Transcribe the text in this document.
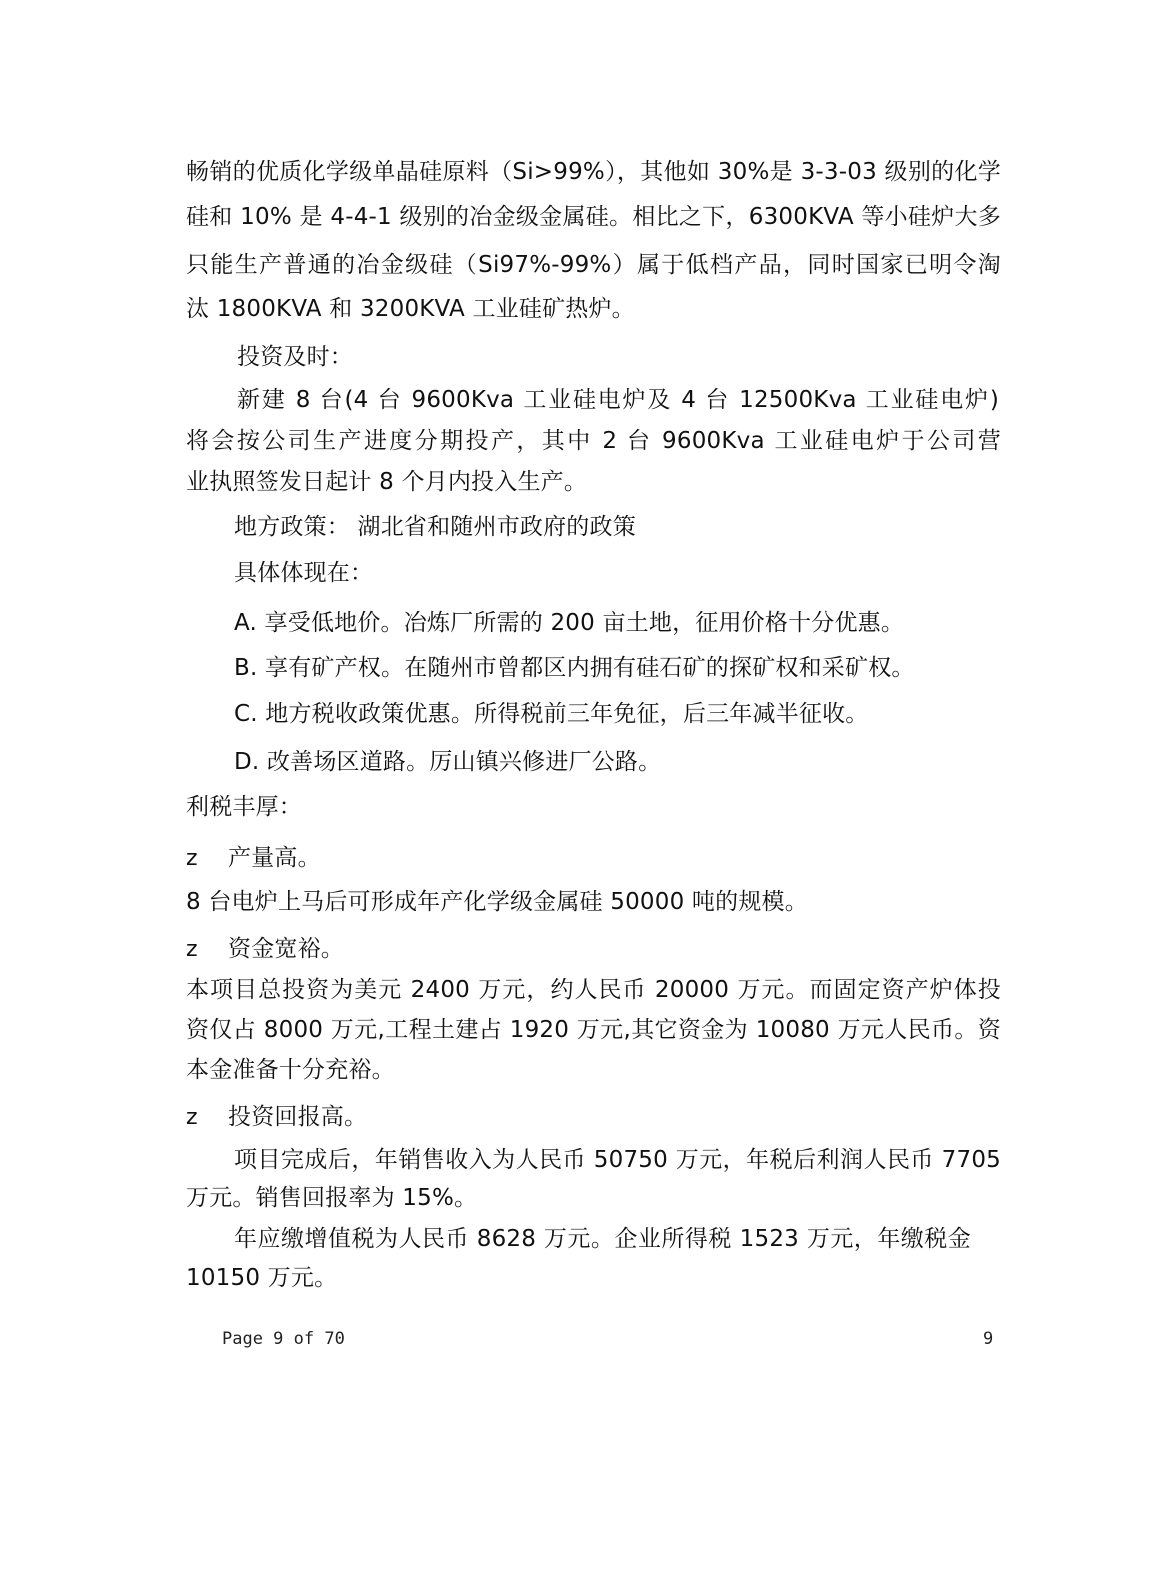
畅销的优质化学级单晶硅原料（Si>99%），其他如 30%是 3-3-03 级别的化学
硅和 10% 是 4-4-1 级别的冶金级金属硅。相比之下，6300KVA 等小硅炉大多
只能生产普通的冶金级硅（Si97%-99%）属于低档产品，同时国家已明令淘
汰 1800KVA 和 3200KVA 工业硅矿热炉。
投资及时：
新建 8 台(4 台 9600Kva 工业硅电炉及 4 台 12500Kva 工业硅电炉)
将会按公司生产进度分期投产，其中 2 台 9600Kva 工业硅电炉于公司营
业执照签发日起计 8 个月内投入生产。
地方政策： 湖北省和随州市政府的政策
具体体现在：
A. 享受低地价。冶炼厂所需的 200 亩土地，征用价格十分优惠。
B. 享有矿产权。在随州市曾都区内拥有硅石矿的探矿权和采矿权。
C. 地方税收政策优惠。所得税前三年免征，后三年减半征收。
D. 改善场区道路。厉山镇兴修进厂公路。
利税丰厚：
z 产量高。
8 台电炉上马后可形成年产化学级金属硅 50000 吨的规模。
z 资金宽裕。
本项目总投资为美元 2400 万元，约人民币 20000 万元。而固定资产炉体投
资仅占 8000 万元,工程土建占 1920 万元,其它资金为 10080 万元人民币。资
本金准备十分充裕。
z 投资回报高。
项目完成后，年销售收入为人民币 50750 万元，年税后利润人民币 7705
万元。销售回报率为 15%。
年应缴增值税为人民币 8628 万元。企业所得税 1523 万元，年缴税金
10150 万元。
Page 9 of 70	9
